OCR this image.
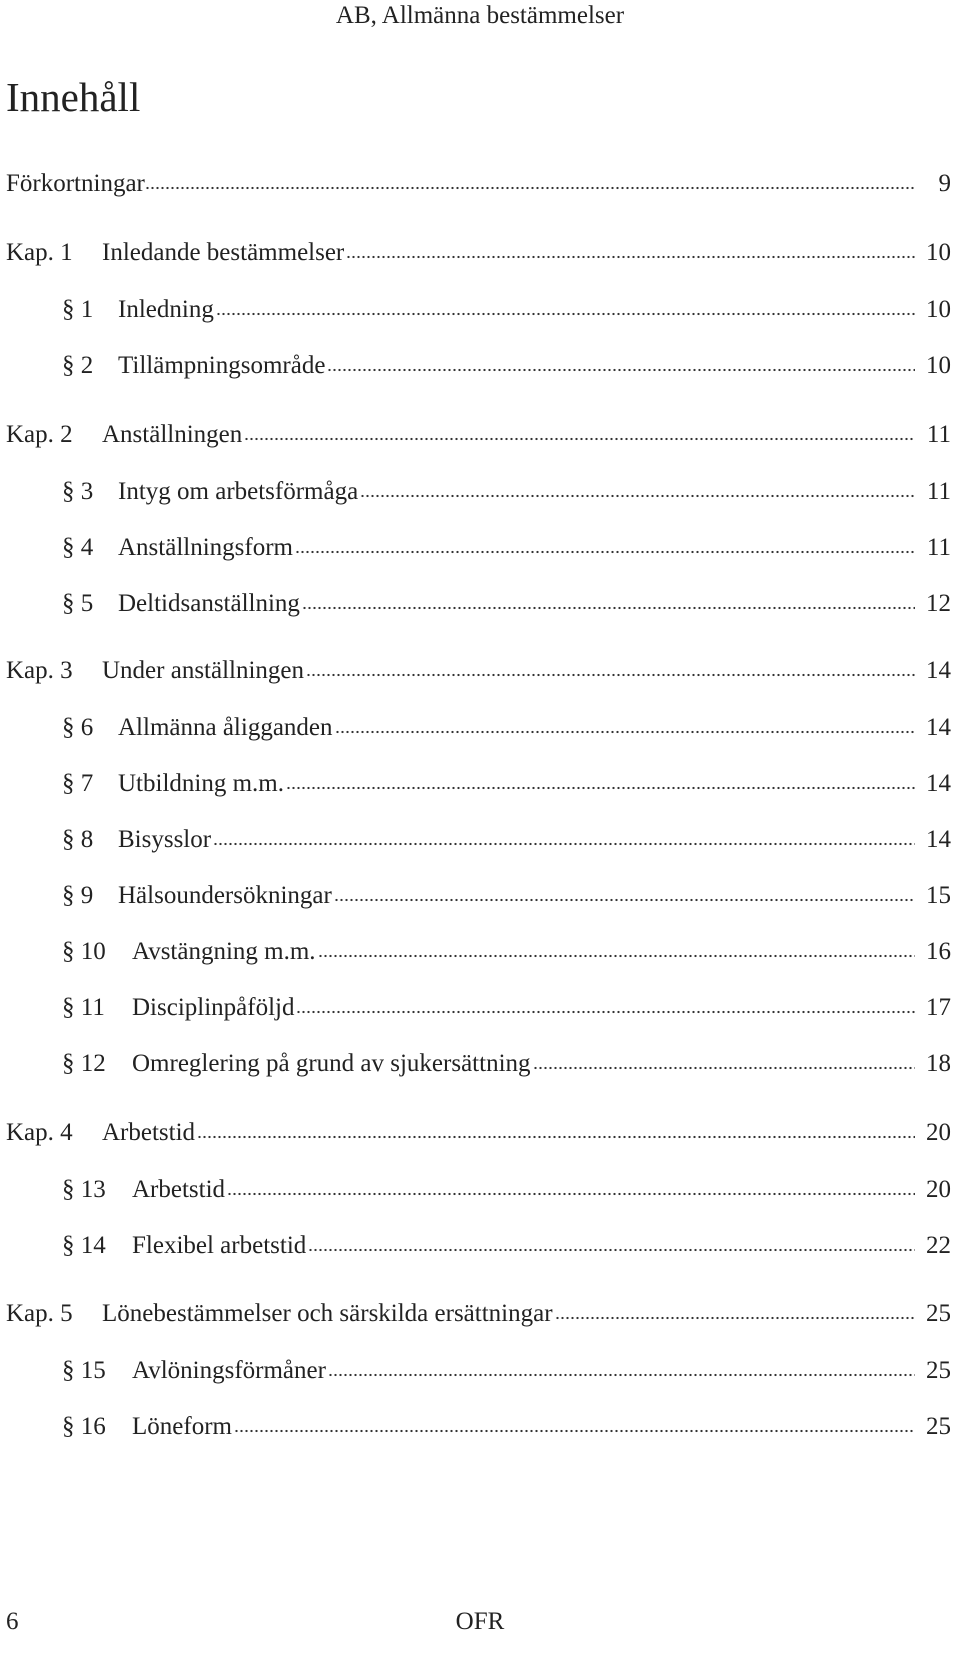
AB, Allmänna bestämmelser
Innehåll
Förkortningar	9
Kap. 1	Inledande bestämmelser	10
§ 1 Inledning	10
§ 2 Tillämpningsområde	10
Kap. 2	Anställningen	11
§ 3 Intyg om arbetsförmåga	11
§ 4 Anställningsform	11
§ 5 Deltidsanställning	12
Kap. 3	Under anställningen	14
§ 6 Allmänna åligganden	14
§ 7 Utbildning m.m.	14
§ 8 Bisysslor	14
§ 9 Hälsoundersökningar	15
§ 10	Avstängning m.m.	16
§ 11	Disciplinpåföljd	17
§ 12	Omreglering på grund av sjukersättning	18
Kap. 4	Arbetstid	20
§ 13	Arbetstid	20
§ 14	Flexibel arbetstid	22
Kap. 5	Lönebestämmelser och särskilda ersättningar	25
§ 15	Avlöningsförmåner	25
§ 16	Löneform	25
6	OFR
